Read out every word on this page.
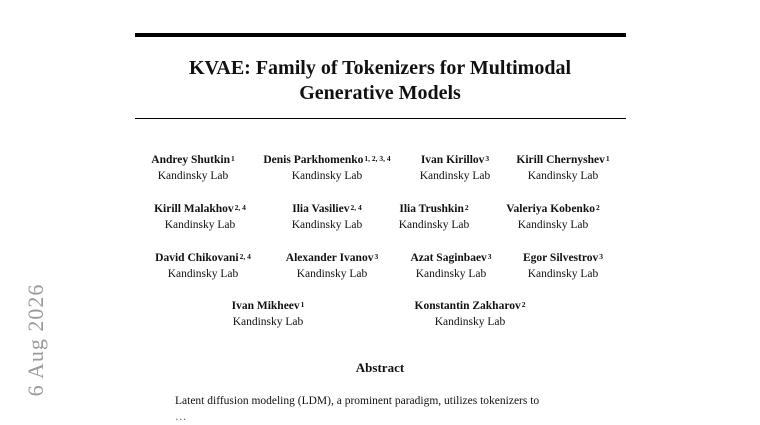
KVAE: Family of Tokenizers for Multimodal
Generative Models
Andrey Shutkin$^1$
Kandinsky Lab
Denis Parkhomenko$^{1, 2, 3, 4}$
Kandinsky Lab
Ivan Kirillov$^3$
Kandinsky Lab
Kirill Chernyshev$^1$
Kandinsky Lab
Kirill Malakhov$^{2, 4}$
Kandinsky Lab
Ilia Vasiliev$^{2, 4}$
Kandinsky Lab
Ilia Trushkin$^2$
Kandinsky Lab
Valeriya Kobenko$^2$
Kandinsky Lab
David Chikovani$^{2, 4}$
Kandinsky Lab
Alexander Ivanov$^3$
Kandinsky Lab
Azat Saginbaev$^3$
Kandinsky Lab
Egor Silvestrov$^3$
Kandinsky Lab
Ivan Mikheev$^1$
Kandinsky Lab
Konstantin Zakharov$^2$
Kandinsky Lab
Abstract
Latent diffusion modeling (LDM), a prominent paradigm, utilizes tokenizers to
…
6 Aug 2026
